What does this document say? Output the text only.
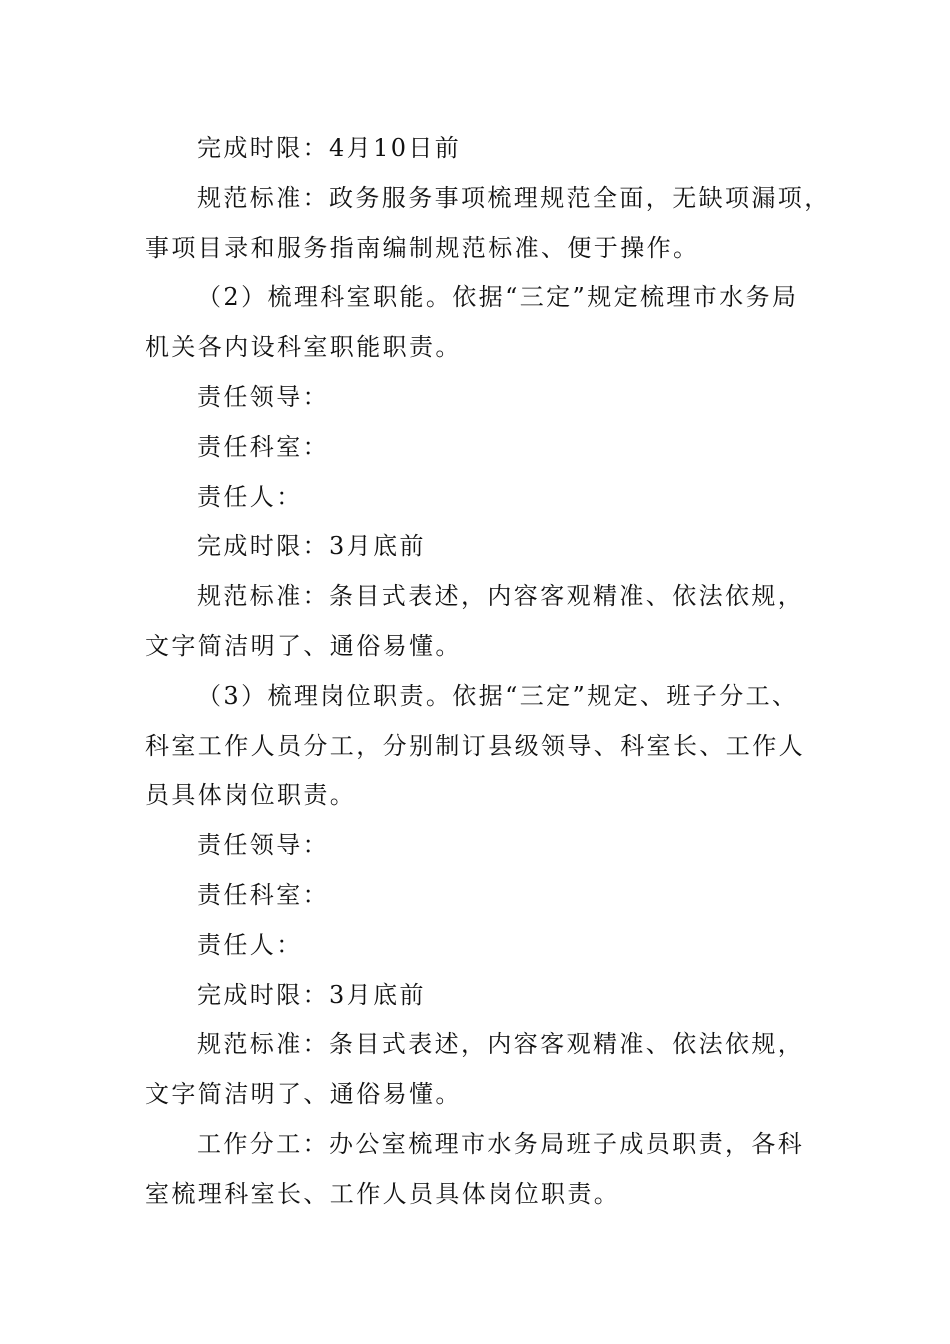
完成时限：4月10日前
规范标准：政务服务事项梳理规范全面，无缺项漏项，
事项目录和服务指南编制规范标准、便于操作。
（2）梳理科室职能。依据“三定”规定梳理市水务局
机关各内设科室职能职责。
责任领导：
责任科室：
责任人：
完成时限：3月底前
规范标准：条目式表述，内容客观精准、依法依规，
文字简洁明了、通俗易懂。
（3）梳理岗位职责。依据“三定”规定、班子分工、
科室工作人员分工，分别制订县级领导、科室长、工作人
员具体岗位职责。
责任领导：
责任科室：
责任人：
完成时限：3月底前
规范标准：条目式表述，内容客观精准、依法依规，
文字简洁明了、通俗易懂。
工作分工：办公室梳理市水务局班子成员职责，各科
室梳理科室长、工作人员具体岗位职责。
